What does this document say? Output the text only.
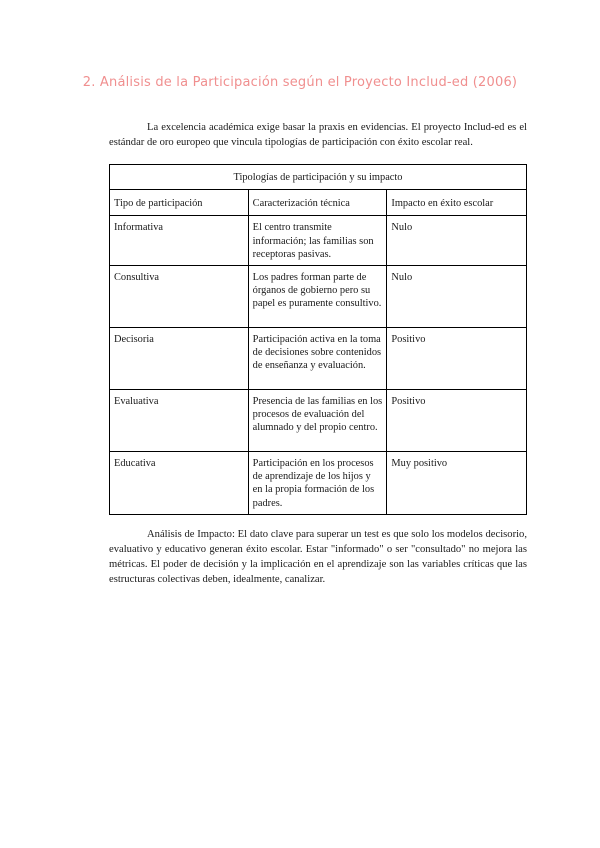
2. Análisis de la Participación según el Proyecto Includ-ed (2006)

La excelencia académica exige basar la praxis en evidencias. El proyecto Includ-ed es el estándar de oro europeo que vincula tipologías de participación con éxito escolar real.

Tipologías de participación y su impacto		
Tipo de participación	Caracterización técnica	Impacto en éxito escolar
Informativa	El centro transmite información; las familias son receptoras pasivas.	Nulo
Consultiva	Los padres forman parte de órganos de gobierno pero su papel es puramente consultivo.	Nulo
Decisoria	Participación activa en la toma de decisiones sobre contenidos de enseñanza y evaluación.	Positivo
Evaluativa	Presencia de las familias en los procesos de evaluación del alumnado y del propio centro.	Positivo
Educativa	Participación en los procesos de aprendizaje de los hijos y en la propia formación de los padres.	Muy positivo

Análisis de Impacto: El dato clave para superar un test es que solo los modelos decisorio, evaluativo y educativo generan éxito escolar. Estar "informado" o ser "consultado" no mejora las métricas. El poder de decisión y la implicación en el aprendizaje son las variables críticas que las estructuras colectivas deben, idealmente, canalizar.
